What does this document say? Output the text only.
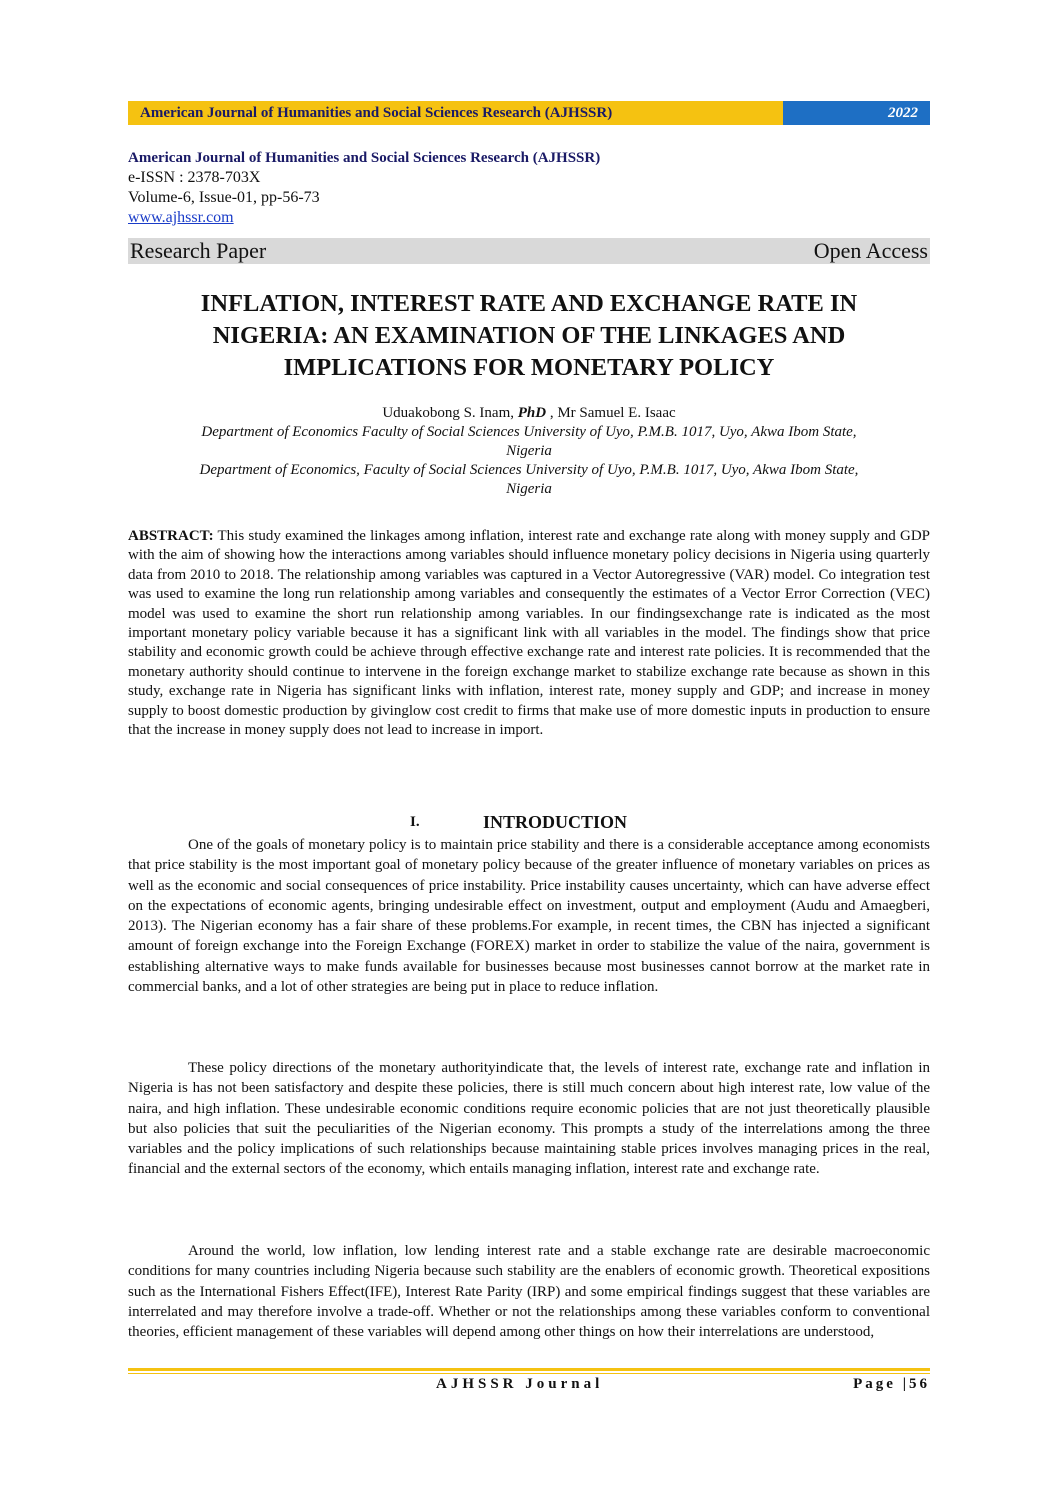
American Journal of Humanities and Social Sciences Research (AJHSSR)	2022
American Journal of Humanities and Social Sciences Research (AJHSSR)
e-ISSN : 2378-703X
Volume-6, Issue-01, pp-56-73
www.ajhssr.com
Research Paper	Open Access
INFLATION, INTEREST RATE AND EXCHANGE RATE IN
NIGERIA: AN EXAMINATION OF THE LINKAGES AND
IMPLICATIONS FOR MONETARY POLICY
Uduakobong S. Inam, PhD , Mr Samuel E. Isaac
Department of Economics Faculty of Social Sciences University of Uyo, P.M.B. 1017, Uyo, Akwa Ibom State,
Nigeria
Department of Economics, Faculty of Social Sciences University of Uyo, P.M.B. 1017, Uyo, Akwa Ibom State,
Nigeria
ABSTRACT: This study examined the linkages among inflation, interest rate and exchange rate along with money supply and GDP with the aim of showing how the interactions among variables should influence monetary policy decisions in Nigeria using quarterly data from 2010 to 2018. The relationship among variables was captured in a Vector Autoregressive (VAR) model. Co integration test was used to examine the long run relationship among variables and consequently the estimates of a Vector Error Correction (VEC) model was used to examine the short run relationship among variables. In our findingsexchange rate is indicated as the most important monetary policy variable because it has a significant link with all variables in the model. The findings show that price stability and economic growth could be achieve through effective exchange rate and interest rate policies. It is recommended that the monetary authority should continue to intervene in the foreign exchange market to stabilize exchange rate because as shown in this study, exchange rate in Nigeria has significant links with inflation, interest rate, money supply and GDP; and increase in money supply to boost domestic production by givinglow cost credit to firms that make use of more domestic inputs in production to ensure that the increase in money supply does not lead to increase in import.
I.	INTRODUCTION
One of the goals of monetary policy is to maintain price stability and there is a considerable acceptance among economists that price stability is the most important goal of monetary policy because of the greater influence of monetary variables on prices as well as the economic and social consequences of price instability. Price instability causes uncertainty, which can have adverse effect on the expectations of economic agents, bringing undesirable effect on investment, output and employment (Audu and Amaegberi, 2013). The Nigerian economy has a fair share of these problems.For example, in recent times, the CBN has injected a significant amount of foreign exchange into the Foreign Exchange (FOREX) market in order to stabilize the value of the naira, government is establishing alternative ways to make funds available for businesses because most businesses cannot borrow at the market rate in commercial banks, and a lot of other strategies are being put in place to reduce inflation.
These policy directions of the monetary authorityindicate that, the levels of interest rate, exchange rate and inflation in Nigeria is has not been satisfactory and despite these policies, there is still much concern about high interest rate, low value of the naira, and high inflation. These undesirable economic conditions require economic policies that are not just theoretically plausible but also policies that suit the peculiarities of the Nigerian economy. This prompts a study of the interrelations among the three variables and the policy implications of such relationships because maintaining stable prices involves managing prices in the real, financial and the external sectors of the economy, which entails managing inflation, interest rate and exchange rate.
Around the world, low inflation, low lending interest rate and a stable exchange rate are desirable macroeconomic conditions for many countries including Nigeria because such stability are the enablers of economic growth. Theoretical expositions such as the International Fishers Effect(IFE), Interest Rate Parity (IRP) and some empirical findings suggest that these variables are interrelated and may therefore involve a trade-off. Whether or not the relationships among these variables conform to conventional theories, efficient management of these variables will depend among other things on how their interrelations are understood,
AJHSSR Journal	Page |56
